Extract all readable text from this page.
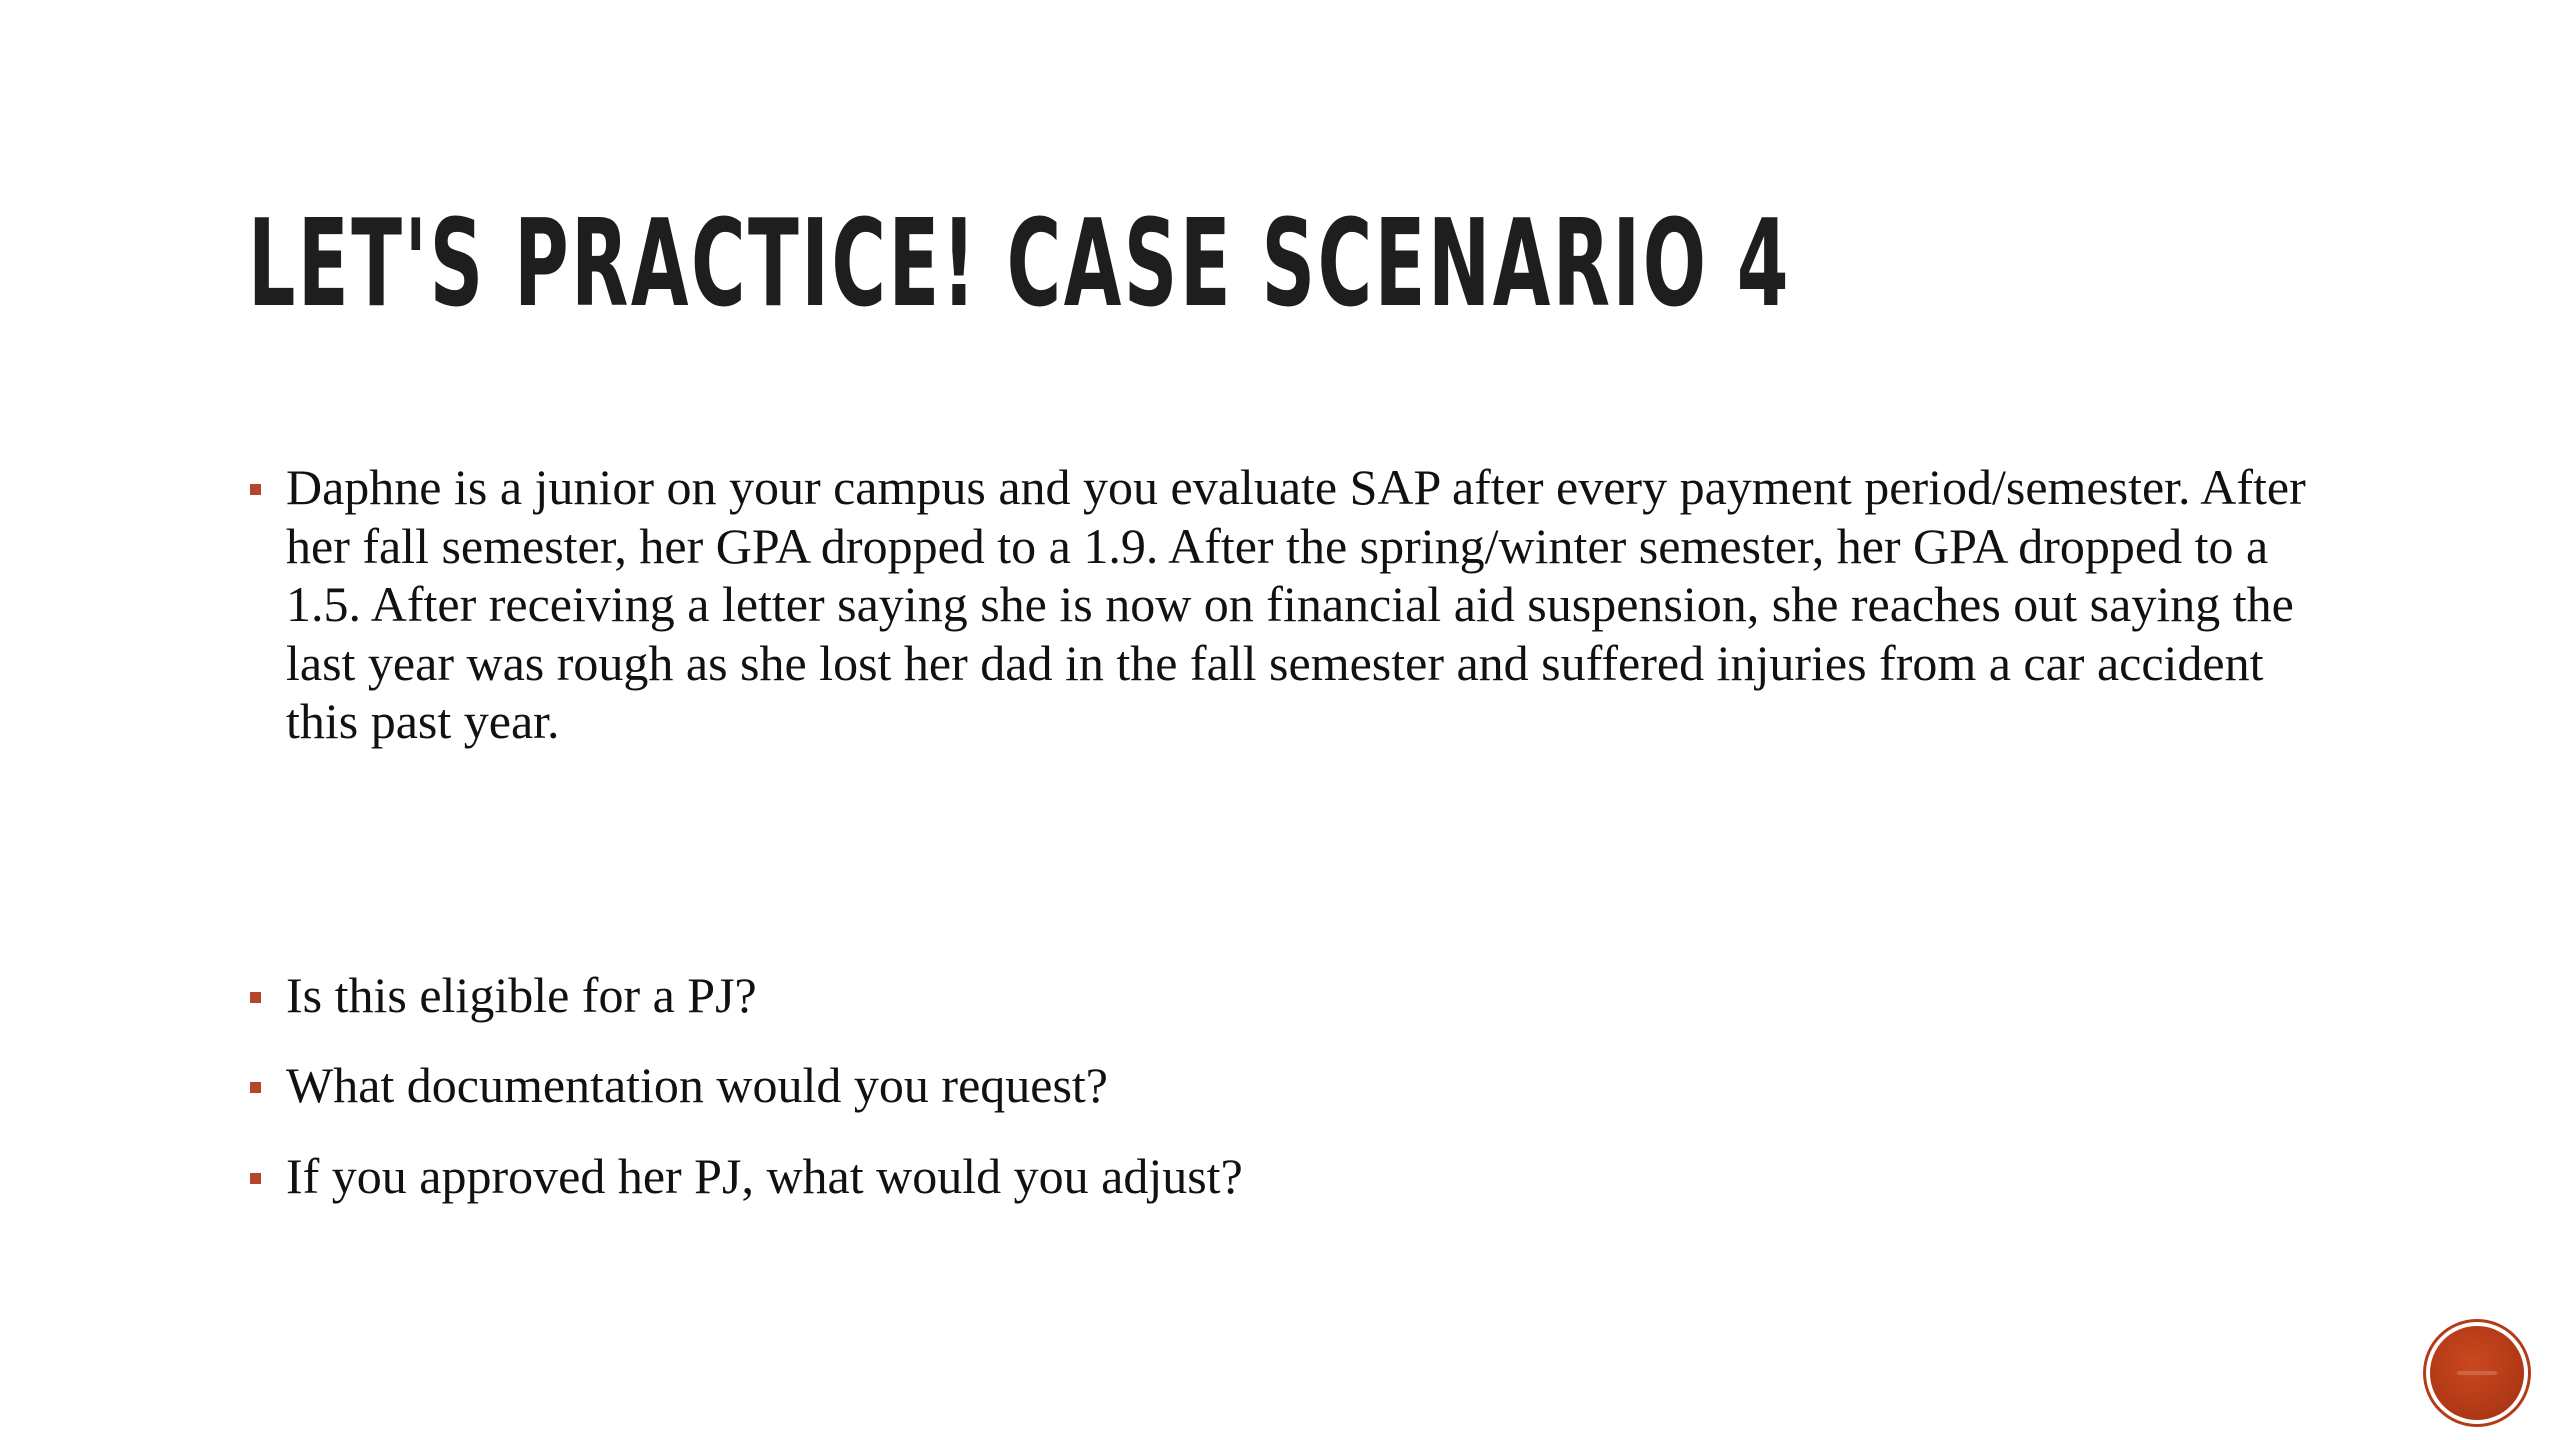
LET'S PRACTICE! CASE SCENARIO 4
Daphne is a junior on your campus and you evaluate SAP after every payment period/semester. After her fall semester, her GPA dropped to a 1.9. After the spring/winter semester, her GPA dropped to a 1.5. After receiving a letter saying she is now on financial aid suspension, she reaches out saying the last year was rough as she lost her dad in the fall semester and suffered injuries from a car accident this past year.
Is this eligible for a PJ?
What documentation would you request?
If you approved her PJ, what would you adjust?
